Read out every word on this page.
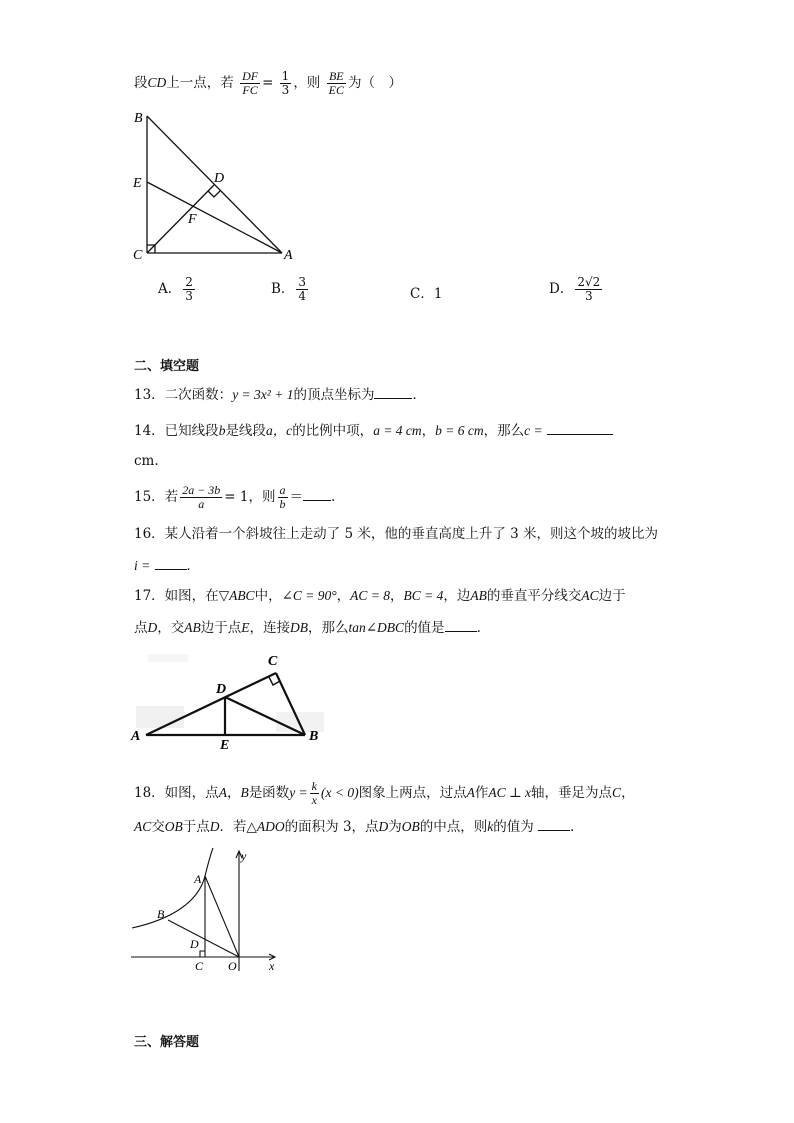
段CD上一点，若 $\frac{DF}{FC} = \frac{1}{3}$ ，则 $\frac{BE}{EC}$ 为（　）
B
E	D
F
C	A
A． $\frac{2}{3}$	B． $\frac{3}{4}$	C．1	D． $\frac{2√2}{3}$
二、填空题
13．二次函数：y = 3x² + 1的顶点坐标为	．
14．已知线段b是线段a，c的比例中项，a = 4 cm，b = 6 cm，那么c =
cm.
15．若 $\frac{2a - 3b}{a} = 1$，则 $\frac{a}{b}$ ＝ ．
16．某人沿着一个斜坡往上走动了 5 米，他的垂直高度上升了 3 米，则这个坡的坡比为
i =	．
17．如图，在▽ABC中，∠C = 90°，AC = 8，BC = 4，边AB的垂直平分线交AC边于
点D，交AB边于点E，连接DB，那么tan∠DBC的值是 ．
C
D
A
E
B
18．如图，点A，B是函数$y = \frac{k}{x} (x < 0)$图象上两点，过点A作AC ⊥ x轴，垂足为点C，
AC交OB于点D．若△ADO的面积为 3，点D为OB的中点，则k的值为	．
y
A
B
D
C O	x
三、解答题
